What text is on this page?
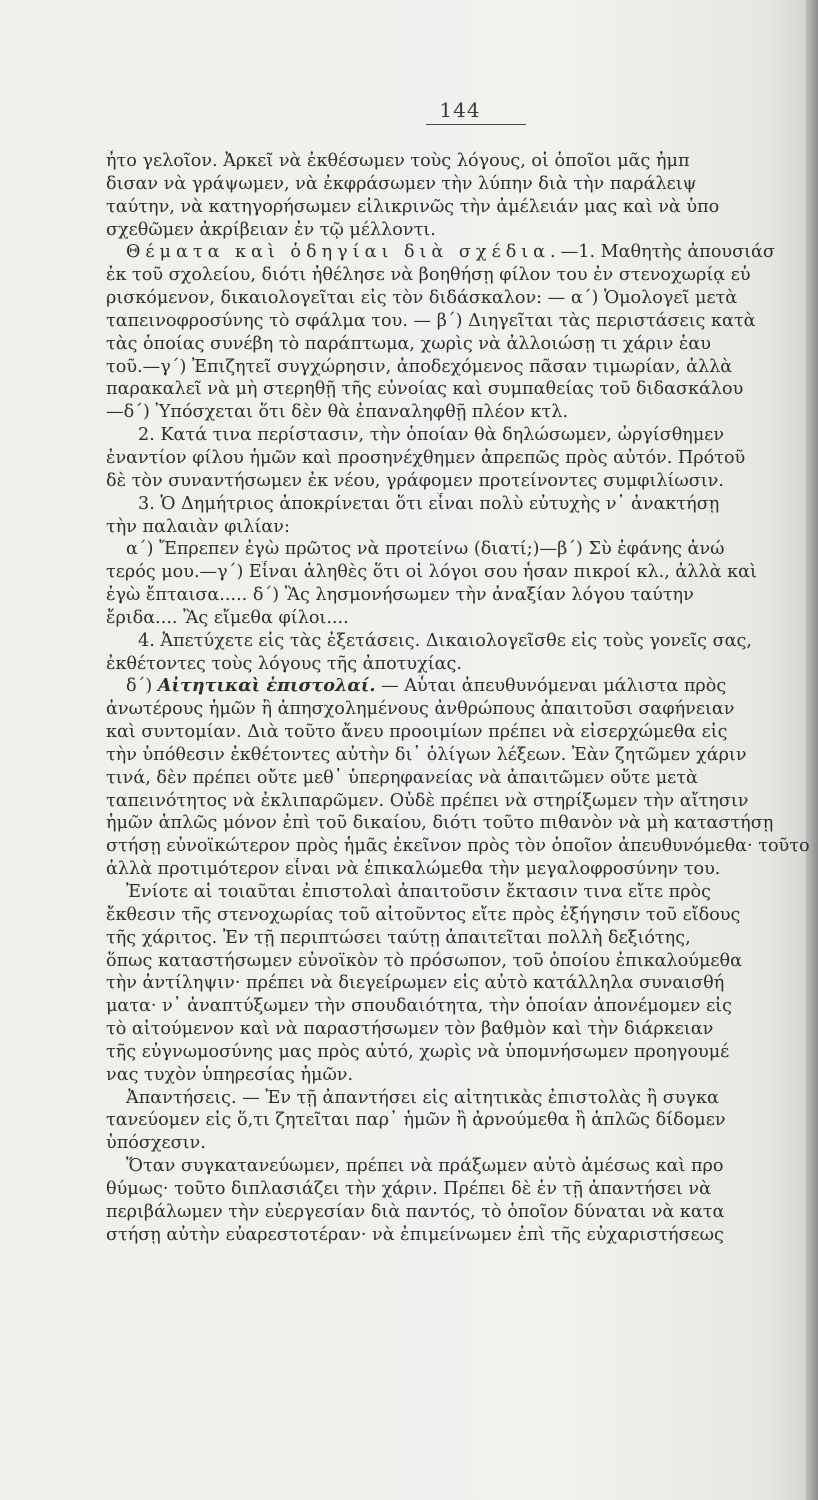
144
ἦτο γελοῖον. Ἀρκεῖ νὰ ἐκθέσωμεν τοὺς λόγους, οἱ ὁποῖοι μᾶς ἠμπ
δισαν νὰ γράψωμεν, νὰ ἐκφράσωμεν τὴν λύπην διὰ τὴν παράλειψ
ταύτην, νὰ κατηγορήσωμεν εἰλικρινῶς τὴν ἀμέλειάν μας καὶ νὰ ὑπο
σχεθῶμεν ἀκρίβειαν ἐν τῷ μέλλοντι.
Θέματα καὶ ὁδηγίαι διὰ σχέδια.—1. Μαθητὴς ἀπουσιάσ
ἐκ τοῦ σχολείου, διότι ἠθέλησε νὰ βοηθήσῃ φίλον του ἐν στενοχωρίᾳ εὑ
ρισκόμενον, δικαιολογεῖται εἰς τὸν διδάσκαλον: — α΄) Ὁμολογεῖ μετὰ
ταπεινοφροσύνης τὸ σφάλμα του. — β΄) Διηγεῖται τὰς περιστάσεις κατὰ
τὰς ὁποίας συνέβη τὸ παράπτωμα, χωρὶς νὰ ἀλλοιώσῃ τι χάριν ἑαυ
τοῦ.—γ΄) Ἐπιζητεῖ συγχώρησιν, ἀποδεχόμενος πᾶσαν τιμωρίαν, ἀλλὰ
παρακαλεῖ νὰ μὴ στερηθῇ τῆς εὐνοίας καὶ συμπαθείας τοῦ διδασκάλου
—δ΄) Ὑπόσχεται ὅτι δὲν θὰ ἐπαναληφθῇ πλέον κτλ.
2. Κατά τινα περίστασιν, τὴν ὁποίαν θὰ δηλώσωμεν, ὠργίσθημεν
ἐναντίον φίλου ἡμῶν καὶ προσηνέχθημεν ἀπρεπῶς πρὸς αὐτόν. Πρότοῦ
δὲ τὸν συναντήσωμεν ἐκ νέου, γράφομεν προτείνοντες συμφιλίωσιν.
3. Ὁ Δημήτριος ἀποκρίνεται ὅτι εἶναι πολὺ εὐτυχὴς ν᾽ ἀνακτήσῃ
τὴν παλαιὰν φιλίαν:
α΄) Ἔπρεπεν ἐγὼ πρῶτος νὰ προτείνω (διατί;)—β΄) Σὺ ἐφάνης ἀνώ
τερός μου.—γ΄) Εἶναι ἀληθὲς ὅτι οἱ λόγοι σου ἦσαν πικροί κλ., ἀλλὰ καὶ
ἐγὼ ἔπταισα..... δ΄) Ἂς λησμονήσωμεν τὴν ἀναξίαν λόγου ταύτην
ἔριδα.... Ἂς εἴμεθα φίλοι....
4. Ἀπετύχετε εἰς τὰς ἐξετάσεις. Δικαιολογεῖσθε εἰς τοὺς γονεῖς σας,
ἐκθέτοντες τοὺς λόγους τῆς ἀποτυχίας.
δ΄) Αἰτητικαὶ ἐπιστολαί. — Αὗται ἀπευθυνόμεναι μάλιστα πρὸς
ἀνωτέρους ἡμῶν ἢ ἀπησχολημένους ἀνθρώπους ἀπαιτοῦσι σαφήνειαν
καὶ συντομίαν. Διὰ τοῦτο ἄνευ προοιμίων πρέπει νὰ εἰσερχώμεθα εἰς
τὴν ὑπόθεσιν ἐκθέτοντες αὐτὴν δι᾽ ὀλίγων λέξεων. Ἐὰν ζητῶμεν χάριν
τινά, δὲν πρέπει οὔτε μεθ᾽ ὑπερηφανείας νὰ ἀπαιτῶμεν οὔτε μετὰ
ταπεινότητος νὰ ἐκλιπαρῶμεν. Οὐδὲ πρέπει νὰ στηρίξωμεν τὴν αἴτησιν
ἡμῶν ἁπλῶς μόνον ἐπὶ τοῦ δικαίου, διότι τοῦτο πιθανὸν νὰ μὴ καταστήσῃ
στήσῃ εὐνοϊκώτερον πρὸς ἡμᾶς ἐκεῖνον πρὸς τὸν ὁποῖον ἀπευθυνόμεθα· τοῦτο
ἀλλὰ προτιμότερον εἶναι νὰ ἐπικαλώμεθα τὴν μεγαλοφροσύνην του.
Ἐνίοτε αἱ τοιαῦται ἐπιστολαὶ ἀπαιτοῦσιν ἔκτασιν τινα εἴτε πρὸς
ἔκθεσιν τῆς στενοχωρίας τοῦ αἰτοῦντος εἴτε πρὸς ἐξήγησιν τοῦ εἴδους
τῆς χάριτος. Ἐν τῇ περιπτώσει ταύτῃ ἀπαιτεῖται πολλὴ δεξιότης,
ὅπως καταστήσωμεν εὐνοϊκὸν τὸ πρόσωπον, τοῦ ὁποίου ἐπικαλούμεθα
τὴν ἀντίληψιν· πρέπει νὰ διεγείρωμεν εἰς αὐτὸ κατάλληλα συναισθή
ματα· ν᾽ ἀναπτύξωμεν τὴν σπουδαιότητα, τὴν ὁποίαν ἀπονέμομεν εἰς
τὸ αἰτούμενον καὶ νὰ παραστήσωμεν τὸν βαθμὸν καὶ τὴν διάρκειαν
τῆς εὐγνωμοσύνης μας πρὸς αὐτό, χωρὶς νὰ ὑπομνήσωμεν προηγουμέ
νας τυχὸν ὑπηρεσίας ἡμῶν.
Ἀπαντήσεις. — Ἐν τῇ ἀπαντήσει εἰς αἰτητικὰς ἐπιστολὰς ἢ συγκα
τανεύομεν εἰς ὅ,τι ζητεῖται παρ᾽ ἡμῶν ἢ ἀρνούμεθα ἢ ἁπλῶς δίδομεν
ὑπόσχεσιν.
Ὅταν συγκατανεύωμεν, πρέπει νὰ πράξωμεν αὐτὸ ἀμέσως καὶ προ
θύμως· τοῦτο διπλασιάζει τὴν χάριν. Πρέπει δὲ ἐν τῇ ἀπαντήσει νὰ
περιβάλωμεν τὴν εὐεργεσίαν διὰ παντός, τὸ ὁποῖον δύναται νὰ κατα
στήσῃ αὐτὴν εὐαρεστοτέραν· νὰ ἐπιμείνωμεν ἐπὶ τῆς εὐχαριστήσεως
